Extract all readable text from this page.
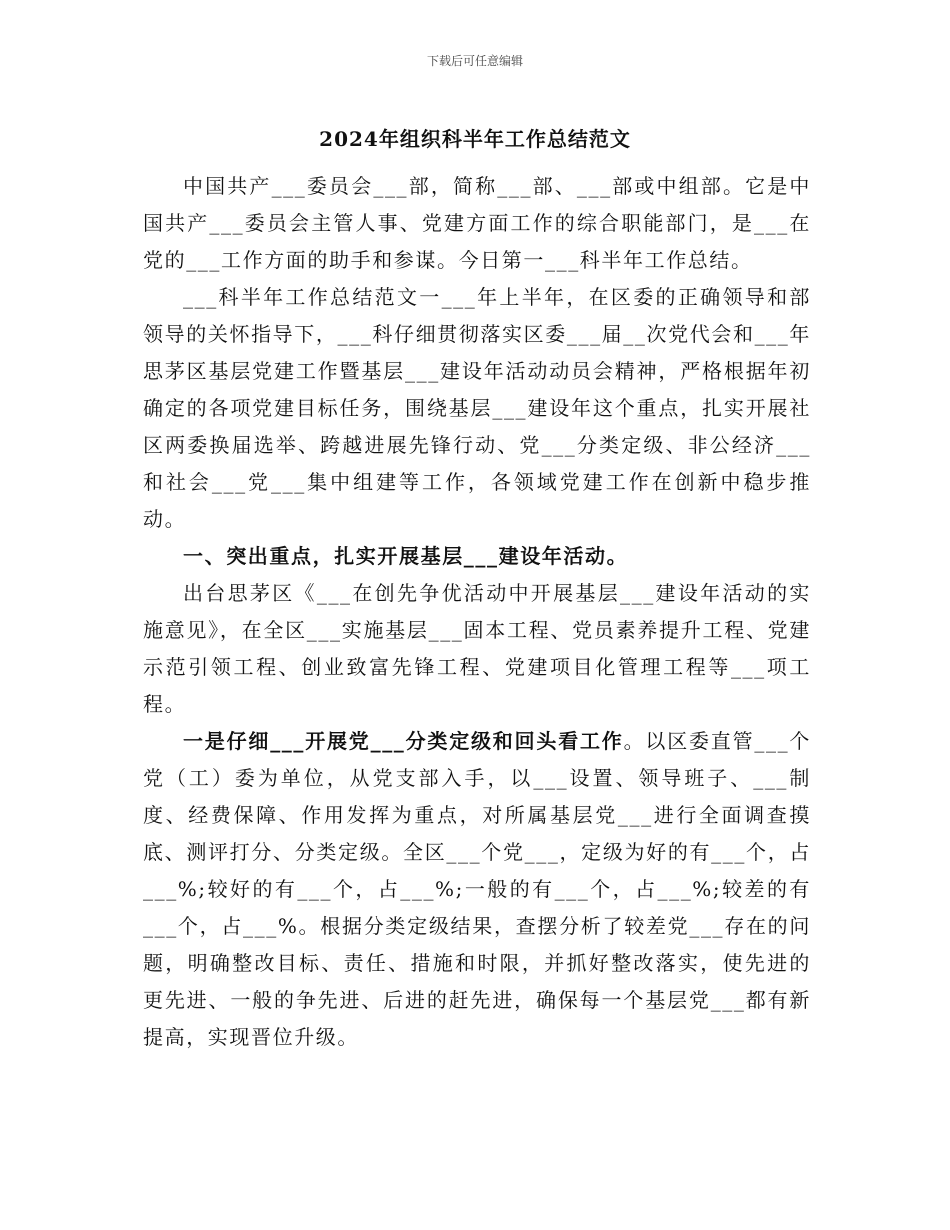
下载后可任意编辑
2024年组织科半年工作总结范文

中国共产___委员会___部，简称___部、___部或中组部。它是中国共产___委员会主管人事、党建方面工作的综合职能部门，是___在党的___工作方面的助手和参谋。今日第一___科半年工作总结。

___科半年工作总结范文一___年上半年，在区委的正确领导和部领导的关怀指导下，___科仔细贯彻落实区委___届__次党代会和___年思茅区基层党建工作暨基层___建设年活动动员会精神，严格根据年初确定的各项党建目标任务，围绕基层___建设年这个重点，扎实开展社区两委换届选举、跨越进展先锋行动、党___分类定级、非公经济___和社会___党___集中组建等工作，各领域党建工作在创新中稳步推动。

一、突出重点，扎实开展基层___建设年活动。

出台思茅区《___在创先争优活动中开展基层___建设年活动的实施意见》，在全区___实施基层___固本工程、党员素养提升工程、党建示范引领工程、创业致富先锋工程、党建项目化管理工程等___项工程。

一是仔细___开展党___分类定级和回头看工作。以区委直管___个党（工）委为单位，从党支部入手，以___设置、领导班子、___制度、经费保障、作用发挥为重点，对所属基层党___进行全面调查摸底、测评打分、分类定级。全区___个党___，定级为好的有___个，占___%;较好的有___个，占___%;一般的有___个，占___%;较差的有___个，占___%。根据分类定级结果，查摆分析了较差党___存在的问题，明确整改目标、责任、措施和时限，并抓好整改落实，使先进的更先进、一般的争先进、后进的赶先进，确保每一个基层党___都有新提高，实现晋位升级。
